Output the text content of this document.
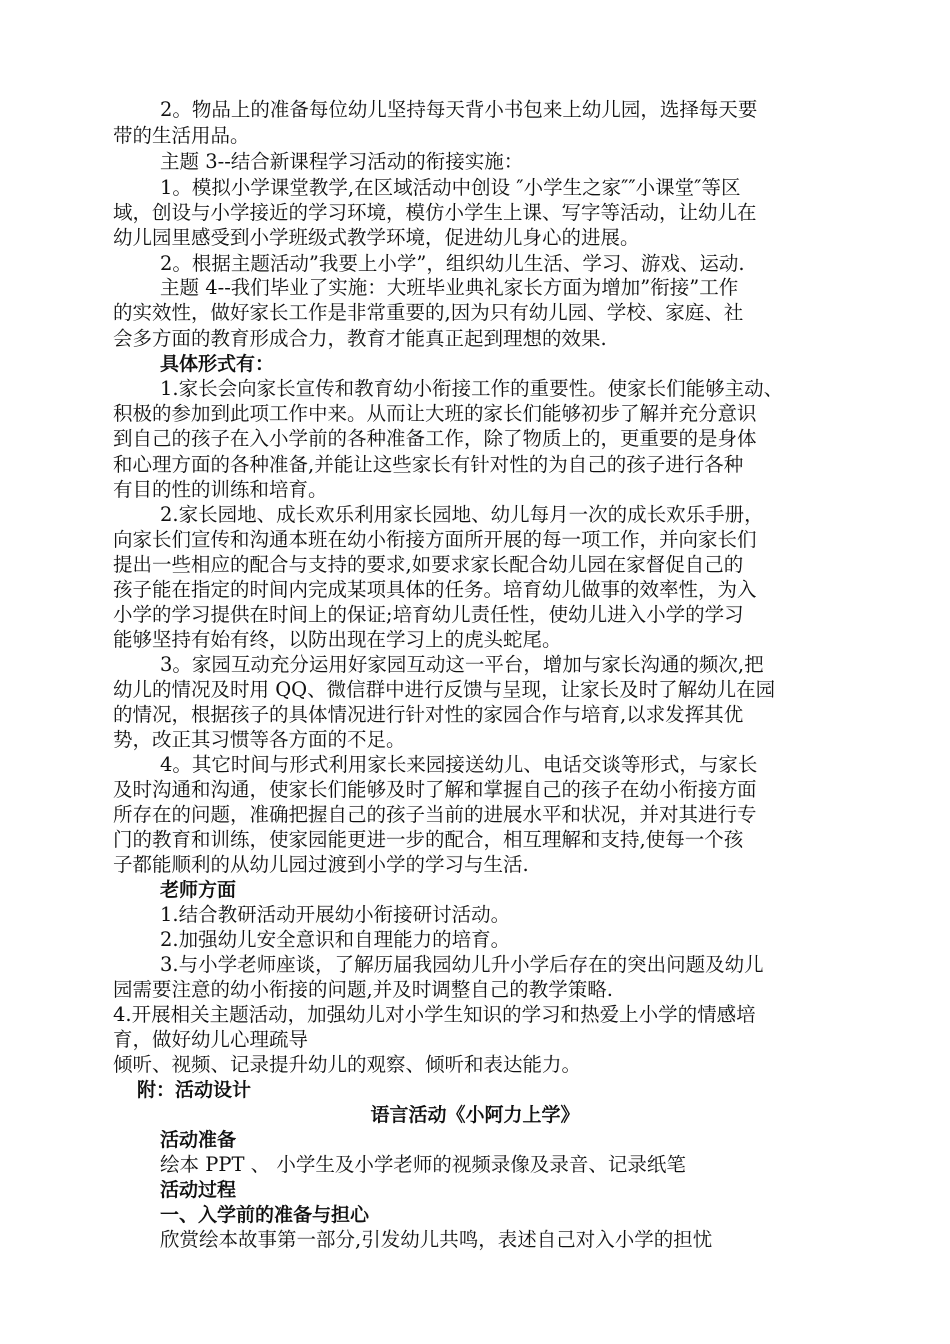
2。物品上的准备每位幼儿坚持每天背小书包来上幼儿园，选择每天要
带的生活用品。
主题 3--结合新课程学习活动的衔接实施：
1。模拟小学课堂教学,在区域活动中创设 ″小学生之家″″小课堂″等区
域，创设与小学接近的学习环境，模仿小学生上课、写字等活动，让幼儿在
幼儿园里感受到小学班级式教学环境，促进幼儿身心的进展。
2。根据主题活动”我要上小学”，组织幼儿生活、学习、游戏、运动.
主题 4--我们毕业了实施：大班毕业典礼家长方面为增加”衔接”工作
的实效性，做好家长工作是非常重要的,因为只有幼儿园、学校、家庭、社
会多方面的教育形成合力，教育才能真正起到理想的效果.
具体形式有：
1.家长会向家长宣传和教育幼小衔接工作的重要性。使家长们能够主动、
积极的参加到此项工作中来。从而让大班的家长们能够初步了解并充分意识
到自己的孩子在入小学前的各种准备工作，除了物质上的，更重要的是身体
和心理方面的各种准备,并能让这些家长有针对性的为自己的孩子进行各种
有目的性的训练和培育。
2.家长园地、成长欢乐利用家长园地、幼儿每月一次的成长欢乐手册，
向家长们宣传和沟通本班在幼小衔接方面所开展的每一项工作，并向家长们
提出一些相应的配合与支持的要求,如要求家长配合幼儿园在家督促自己的
孩子能在指定的时间内完成某项具体的任务。培育幼儿做事的效率性，为入
小学的学习提供在时间上的保证;培育幼儿责任性，使幼儿进入小学的学习
能够坚持有始有终，以防出现在学习上的虎头蛇尾。
3。家园互动充分运用好家园互动这一平台，增加与家长沟通的频次,把
幼儿的情况及时用 QQ、微信群中进行反馈与呈现，让家长及时了解幼儿在园
的情况，根据孩子的具体情况进行针对性的家园合作与培育,以求发挥其优
势，改正其习惯等各方面的不足。
4。其它时间与形式利用家长来园接送幼儿、电话交谈等形式，与家长
及时沟通和沟通，使家长们能够及时了解和掌握自己的孩子在幼小衔接方面
所存在的问题，准确把握自己的孩子当前的进展水平和状况，并对其进行专
门的教育和训练，使家园能更进一步的配合，相互理解和支持,使每一个孩
子都能顺利的从幼儿园过渡到小学的学习与生活.
老师方面
1.结合教研活动开展幼小衔接研讨活动。
2.加强幼儿安全意识和自理能力的培育。
3.与小学老师座谈，了解历届我园幼儿升小学后存在的突出问题及幼儿
园需要注意的幼小衔接的问题,并及时调整自己的教学策略.
4.开展相关主题活动，加强幼儿对小学生知识的学习和热爱上小学的情感培
育，做好幼儿心理疏导
倾听、视频、记录提升幼儿的观察、倾听和表达能力。
附：活动设计
语言活动《小阿力上学》
活动准备
绘本 PPT 、 小学生及小学老师的视频录像及录音、记录纸笔
活动过程
一、入学前的准备与担心
欣赏绘本故事第一部分,引发幼儿共鸣，表述自己对入小学的担忧
